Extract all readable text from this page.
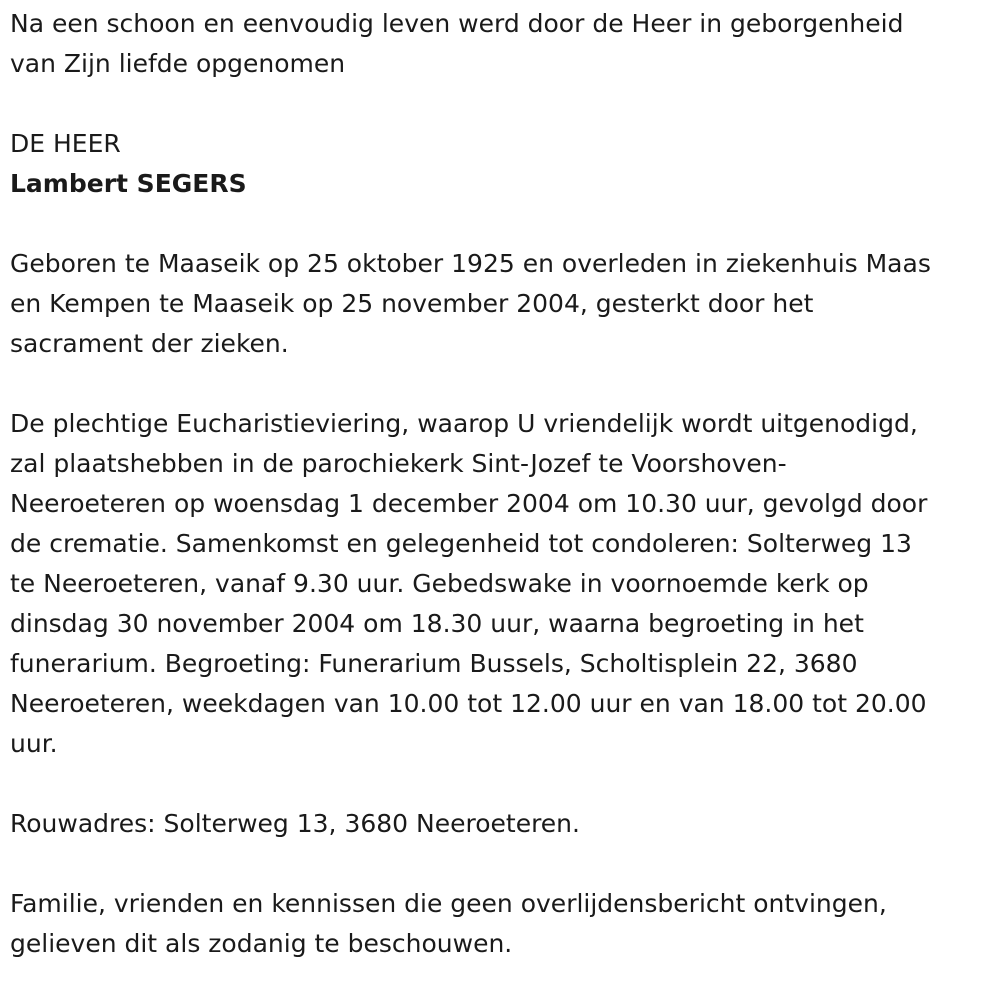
Na een schoon en eenvoudig leven werd door de Heer in geborgenheid
van Zijn liefde opgenomen

DE HEER

Lambert SEGERS

Geboren te Maaseik op 25 oktober 1925 en overleden in ziekenhuis Maas
en Kempen te Maaseik op 25 november 2004, gesterkt door het
sacrament der zieken.

De plechtige Eucharistieviering, waarop U vriendelijk wordt uitgenodigd,
zal plaatshebben in de parochiekerk Sint-Jozef te Voorshoven-
Neeroeteren op woensdag 1 december 2004 om 10.30 uur, gevolgd door
de crematie. Samenkomst en gelegenheid tot condoleren: Solterweg 13
te Neeroeteren, vanaf 9.30 uur. Gebedswake in voornoemde kerk op
dinsdag 30 november 2004 om 18.30 uur, waarna begroeting in het
funerarium. Begroeting: Funerarium Bussels, Scholtisplein 22, 3680
Neeroeteren, weekdagen van 10.00 tot 12.00 uur en van 18.00 tot 20.00
uur.

Rouwadres: Solterweg 13, 3680 Neeroeteren.

Familie, vrienden en kennissen die geen overlijdensbericht ontvingen,
gelieven dit als zodanig te beschouwen.
